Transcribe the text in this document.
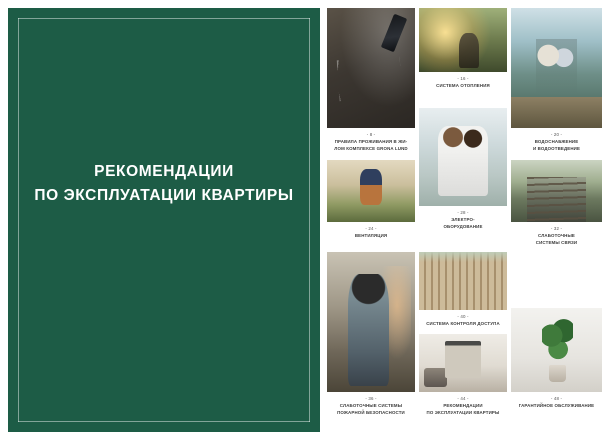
РЕКОМЕНДАЦИИ
ПО ЭКСПЛУАТАЦИИ КВАРТИРЫ
- 8 -
ПРАВИЛА ПРОЖИВАНИЯ В ЖИ-
ЛОМ КОМПЛЕКСЕ GRONA LUND
- 16 -
СИСТЕМА ОТОПЛЕНИЯ
- 20 -
ВОДОСНАБЖЕНИЕ
И ВОДООТВЕДЕНИЕ
- 24 -
ВЕНТИЛЯЦИЯ
- 28 -
ЭЛЕКТРО-
ОБОРУДОВАНИЕ	- 32 -
СЛАБОТОЧНЫЕ
СИСТЕМЫ СВЯЗИ
- 36 -
СЛАБОТОЧНЫЕ СИСТЕМЫ
ПОЖАРНОЙ БЕЗОПАСНОСТИ
- 40 -
СИСТЕМА КОНТРОЛЯ ДОСТУПА
- 44 -
РЕКОМЕНДАЦИИ
ПО ЭКСПЛУАТАЦИИ КВАРТИРЫ
- 48 -
ГАРАНТИЙНОЕ ОБСЛУЖИВАНИЕ
